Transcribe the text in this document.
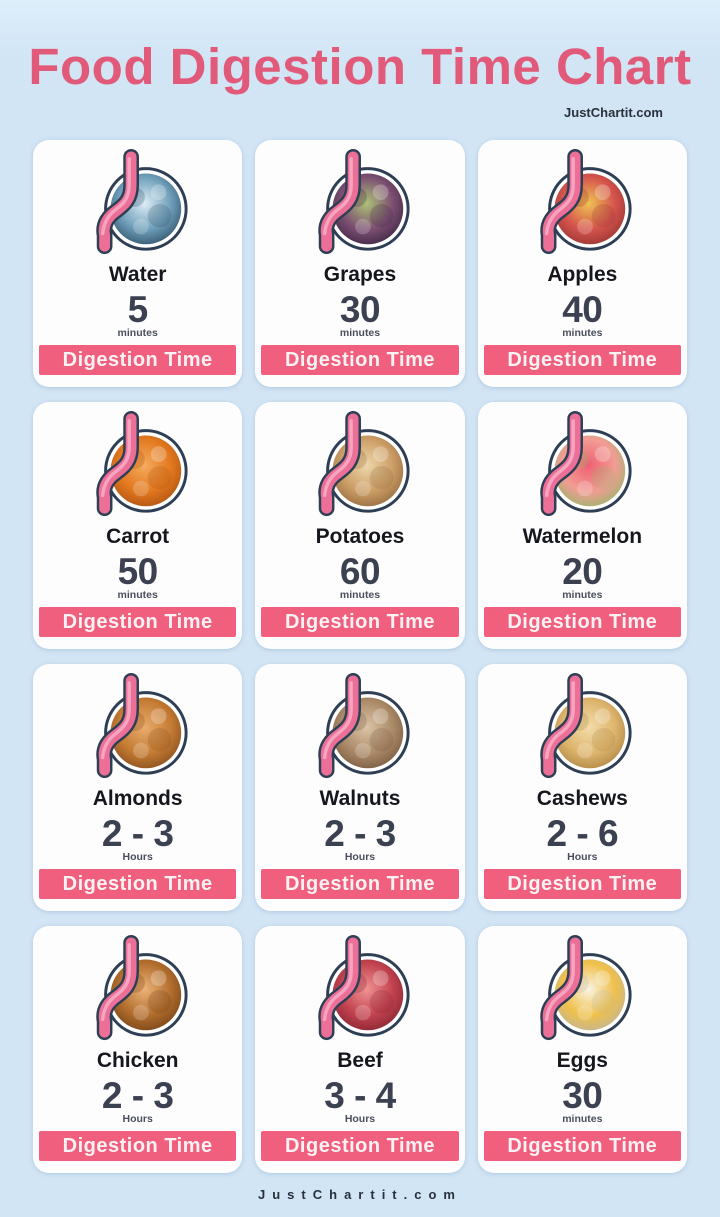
Food Digestion Time Chart
JustChartit.com
Water
5
minutes
Digestion Time
Grapes
30
minutes
Digestion Time
Apples
40
minutes
Digestion Time
Carrot
50
minutes
Digestion Time
Potatoes
60
minutes
Digestion Time
Watermelon
20
minutes
Digestion Time
Almonds
2 - 3
Hours
Digestion Time
Walnuts
2 - 3
Hours
Digestion Time
Cashews
2 - 6
Hours
Digestion Time
Chicken
2 - 3
Hours
Digestion Time
Beef
3 - 4
Hours
Digestion Time
Eggs
30
minutes
Digestion Time
JustChartit.com
